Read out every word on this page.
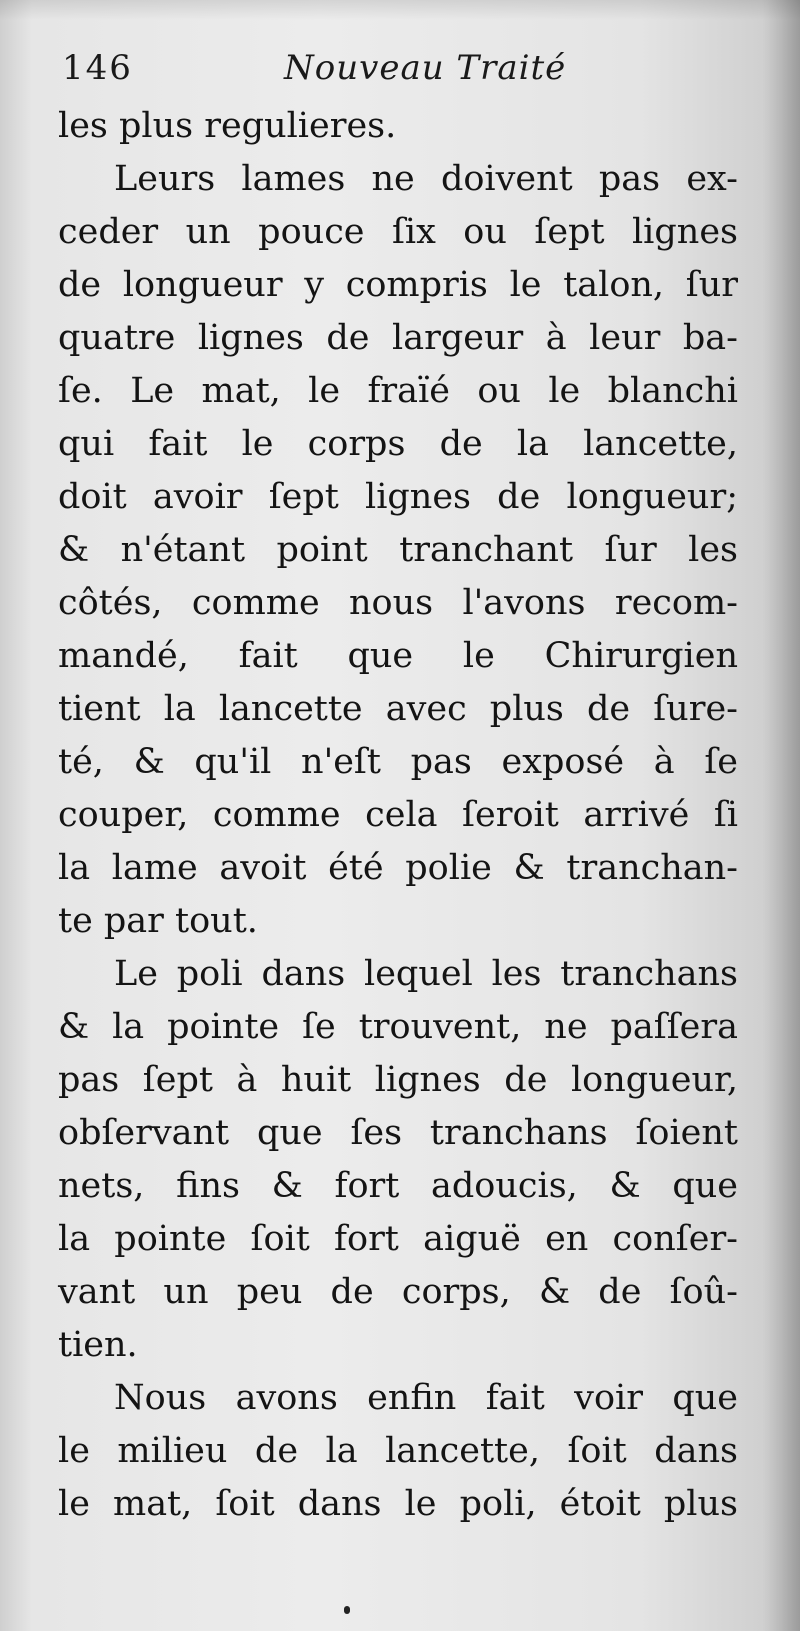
146	Nouveau Traité
les plus regulieres.
Leurs lames ne doivent pas ex-
ceder un pouce ſix ou ſept lignes
de longueur y compris le talon, ſur
quatre lignes de largeur à leur ba-
ſe. Le mat, le fraïé ou le blanchi
qui fait le corps de la lancette,
doit avoir ſept lignes de longueur;
& n'étant point tranchant ſur les
côtés, comme nous l'avons recom-
mandé, fait que le Chirurgien
tient la lancette avec plus de ſure-
té, & qu'il n'eſt pas exposé à ſe
couper, comme cela ſeroit arrivé ſi
la lame avoit été polie & tranchan-
te par tout.
Le poli dans lequel les tranchans
& la pointe ſe trouvent, ne paſſera
pas ſept à huit lignes de longueur,
obſervant que ſes tranchans ſoient
nets, fins & fort adoucis, & que
la pointe ſoit fort aiguë en conſer-
vant un peu de corps, & de ſoû-
tien.
Nous avons enfin fait voir que
le milieu de la lancette, ſoit dans
le mat, ſoit dans le poli, étoit plus
